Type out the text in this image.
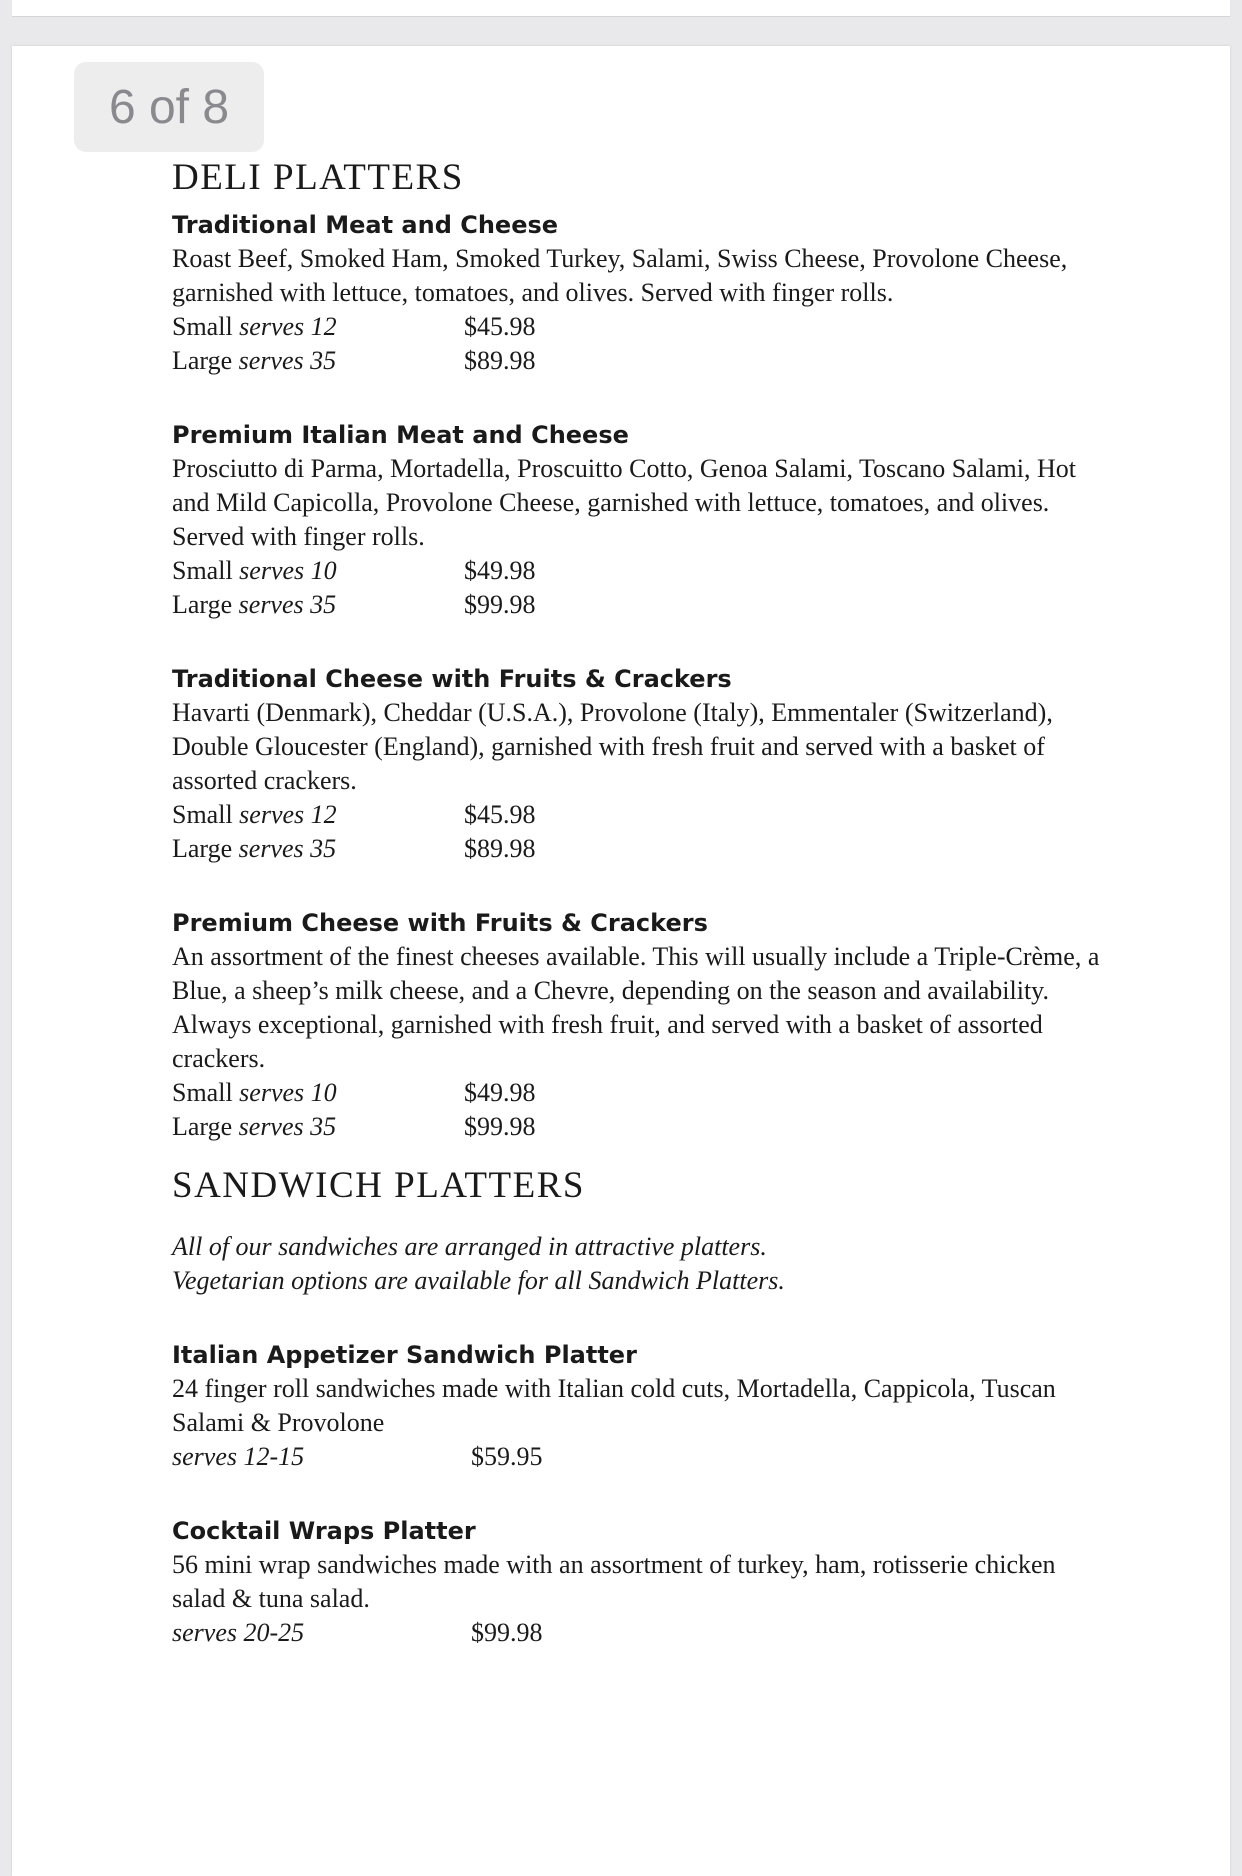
6 of 8
DELI PLATTERS

Traditional Meat and Cheese

Roast Beef, Smoked Ham, Smoked Turkey, Salami, Swiss Cheese, Provolone Cheese, garnished with lettuce, tomatoes, and olives. Served with finger rolls.

Small serves 12	$45.98
Large serves 35	$89.98

Premium Italian Meat and Cheese

Prosciutto di Parma, Mortadella, Proscuitto Cotto, Genoa Salami, Toscano Salami, Hot and Mild Capicolla, Provolone Cheese, garnished with lettuce, tomatoes, and olives. Served with finger rolls.

Small serves 10	$49.98
Large serves 35	$99.98

Traditional Cheese with Fruits & Crackers

Havarti (Denmark), Cheddar (U.S.A.), Provolone (Italy), Emmentaler (Switzerland), Double Gloucester (England), garnished with fresh fruit and served with a basket of assorted crackers.

Small serves 12	$45.98
Large serves 35	$89.98

Premium Cheese with Fruits & Crackers

An assortment of the finest cheeses available. This will usually include a Triple-Crème, a Blue, a sheep’s milk cheese, and a Chevre, depending on the season and availability. Always exceptional, garnished with fresh fruit, and served with a basket of assorted crackers.

Small serves 10	$49.98
Large serves 35	$99.98
SANDWICH PLATTERS

All of our sandwiches are arranged in attractive platters.

Vegetarian options are available for all Sandwich Platters.

Italian Appetizer Sandwich Platter

24 finger roll sandwiches made with Italian cold cuts, Mortadella, Cappicola, Tuscan Salami & Provolone

serves 12-15	$59.95

Cocktail Wraps Platter

56 mini wrap sandwiches made with an assortment of turkey, ham, rotisserie chicken salad & tuna salad.

serves 20-25	$99.98
